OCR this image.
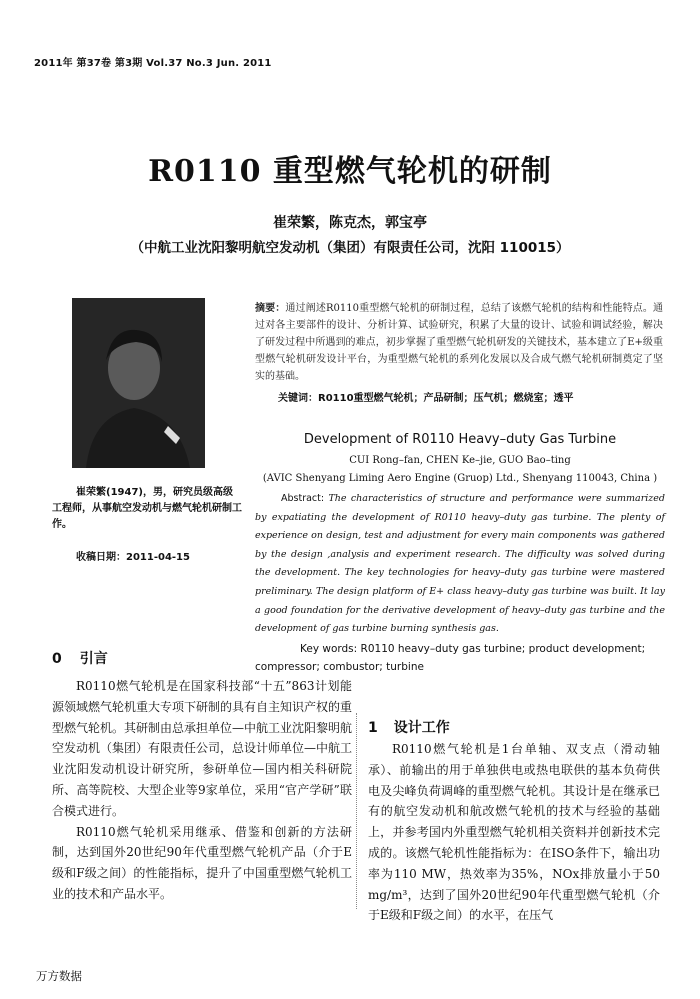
2011年 第37卷 第3期 Vol.37 No.3 Jun. 2011
R0110 重型燃气轮机的研制
崔荣繁，陈克杰，郭宝亭
（中航工业沈阳黎明航空发动机（集团）有限责任公司，沈阳 110015）
摘要：通过阐述R0110重型燃气轮机的研制过程，总结了该燃气轮机的结构和性能特点。通过对各主要部件的设计、分析计算、试验研究，积累了大量的设计、试验和调试经验，解决了研发过程中所遇到的难点，初步掌握了重型燃气轮机研发的关键技术，基本建立了E+级重型燃气轮机研发设计平台，为重型燃气轮机的系列化发展以及合成气燃气轮机研制奠定了坚实的基础。
关键词：R0110重型燃气轮机；产品研制；压气机；燃烧室；透平
Development of R0110 Heavy–duty Gas Turbine
CUI Rong–fan, CHEN Ke–jie, GUO Bao–ting
(AVIC Shenyang Liming Aero Engine (Gruop) Ltd., Shenyang 110043, China )
Abstract: The characteristics of structure and performance were summarized by expatiating the development of R0110 heavy–duty gas turbine. The plenty of experience on design, test and adjustment for every main components was gathered by the design ,analysis and experiment research. The difficulty was solved during the development. The key technologies for heavy–duty gas turbine were mastered preliminary. The design platform of E+ class heavy–duty gas turbine was built. It lay a good foundation for the derivative development of heavy–duty gas turbine and the development of gas turbine burning synthesis gas.
Key words: R0110 heavy–duty gas turbine; product development; compressor; combustor; turbine
崔荣繁(1947)，男，研究员级高级工程师，从事航空发动机与燃气轮机研制工作。
收稿日期：2011-04-15
0 引言

R0110燃气轮机是在国家科技部“十五”863计划能源领域燃气轮机重大专项下研制的具有自主知识产权的重型燃气轮机。其研制由总承担单位—中航工业沈阳黎明航空发动机（集团）有限责任公司，总设计师单位—中航工业沈阳发动机设计研究所，参研单位—国内相关科研院所、高等院校、大型企业等9家单位，采用“官产学研”联合模式进行。

R0110燃气轮机采用继承、借鉴和创新的方法研制，达到国外20世纪90年代重型燃气轮机产品（介于E级和F级之间）的性能指标，提升了中国重型燃气轮机工业的技术和产品水平。

1 设计工作

R0110燃气轮机是1台单轴、双支点（滑动轴承）、前输出的用于单独供电或热电联供的基本负荷供电及尖峰负荷调峰的重型燃气轮机。其设计是在继承已有的航空发动机和航改燃气轮机的技术与经验的基础上，并参考国内外重型燃气轮机相关资料并创新技术完成的。该燃气轮机性能指标为：在ISO条件下，输出功率为110 MW，热效率为35%，NOx排放量小于50 mg/m³，达到了国外20世纪90年代重型燃气轮机（介于E级和F级之间）的水平，在压气

万方数据
